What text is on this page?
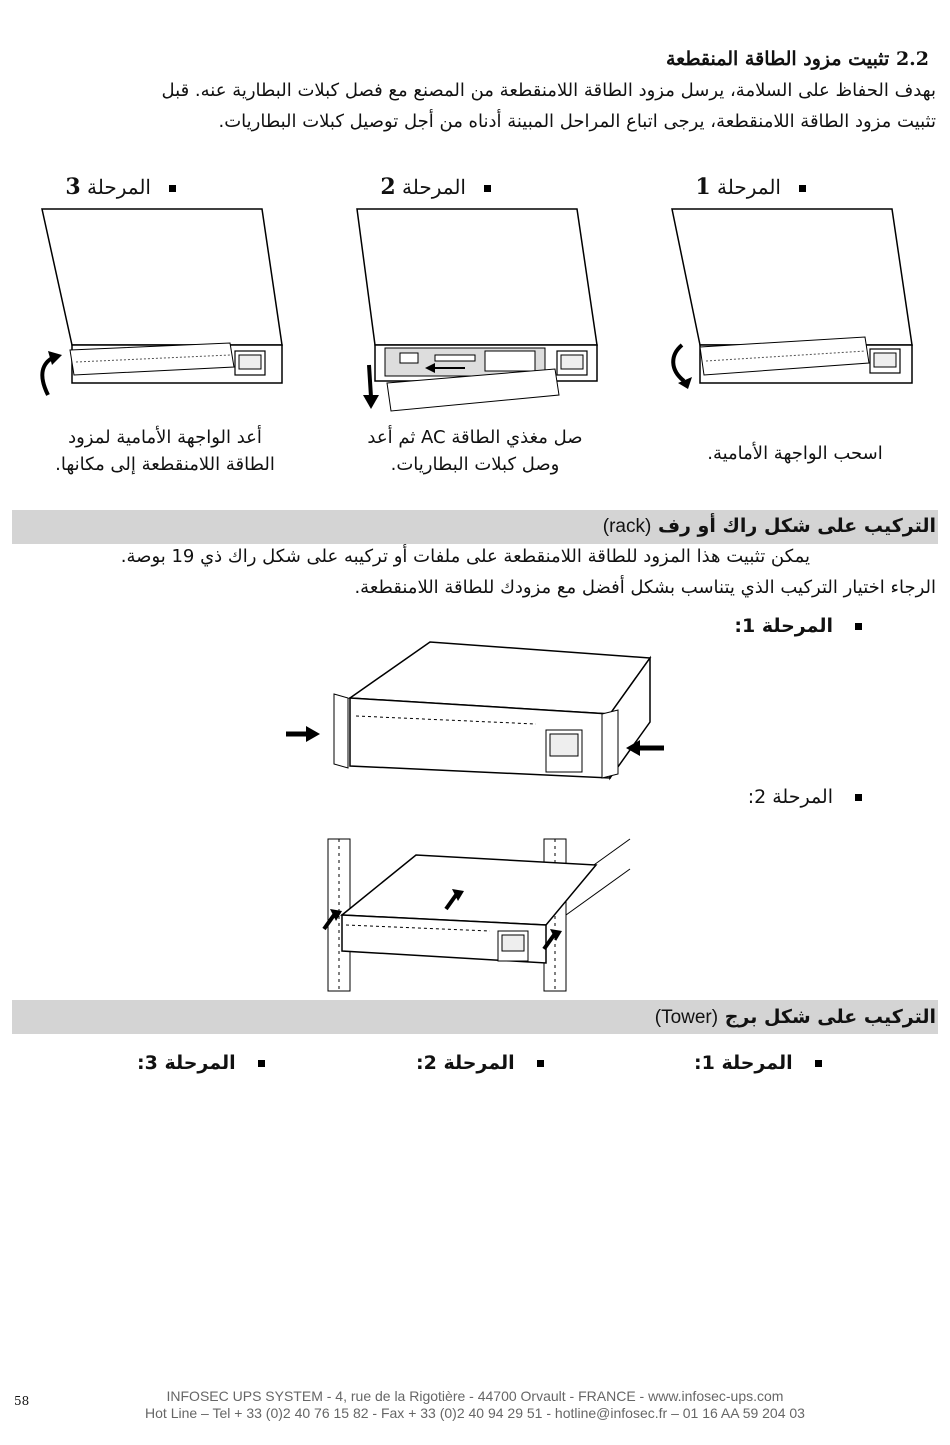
2.2 تثبيت مزود الطاقة المنقطعة
بهدف الحفاظ على السلامة، يرسل مزود الطاقة اللامنقطعة من المصنع مع فصل كبلات البطارية عنه. قبل
تثبيت مزود الطاقة اللامنقطعة، يرجى اتباع المراحل المبينة أدناه من أجل توصيل كبلات البطاريات.
المرحلة 3	المرحلة 2	المرحلة 1
أعد الواجهة الأمامية لمزود
الطاقة اللامنقطعة إلى مكانها.
صل مغذي الطاقة AC ثم أعد
وصل كبلات البطاريات.
اسحب الواجهة الأمامية.
التركيب على شكل راك أو رف (rack)
يمكن تثبيت هذا المزود للطاقة اللامنقطعة على ملفات أو تركيبه على شكل راك ذي 19 بوصة.
الرجاء اختيار التركيب الذي يتناسب بشكل أفضل مع مزودك للطاقة اللامنقطعة.
المرحلة 1:
المرحلة 2:
التركيب على شكل برج (Tower)
المرحلة 1:
المرحلة 2:
المرحلة 3:
58	INFOSEC UPS SYSTEM - 4, rue de la Rigotière - 44700 Orvault - FRANCE - www.infosec-ups.com
Hot Line – Tel + 33 (0)2 40 76 15 82 - Fax + 33 (0)2 40 94 29 51 - hotline@infosec.fr – 01 16 AA 59 204 03
